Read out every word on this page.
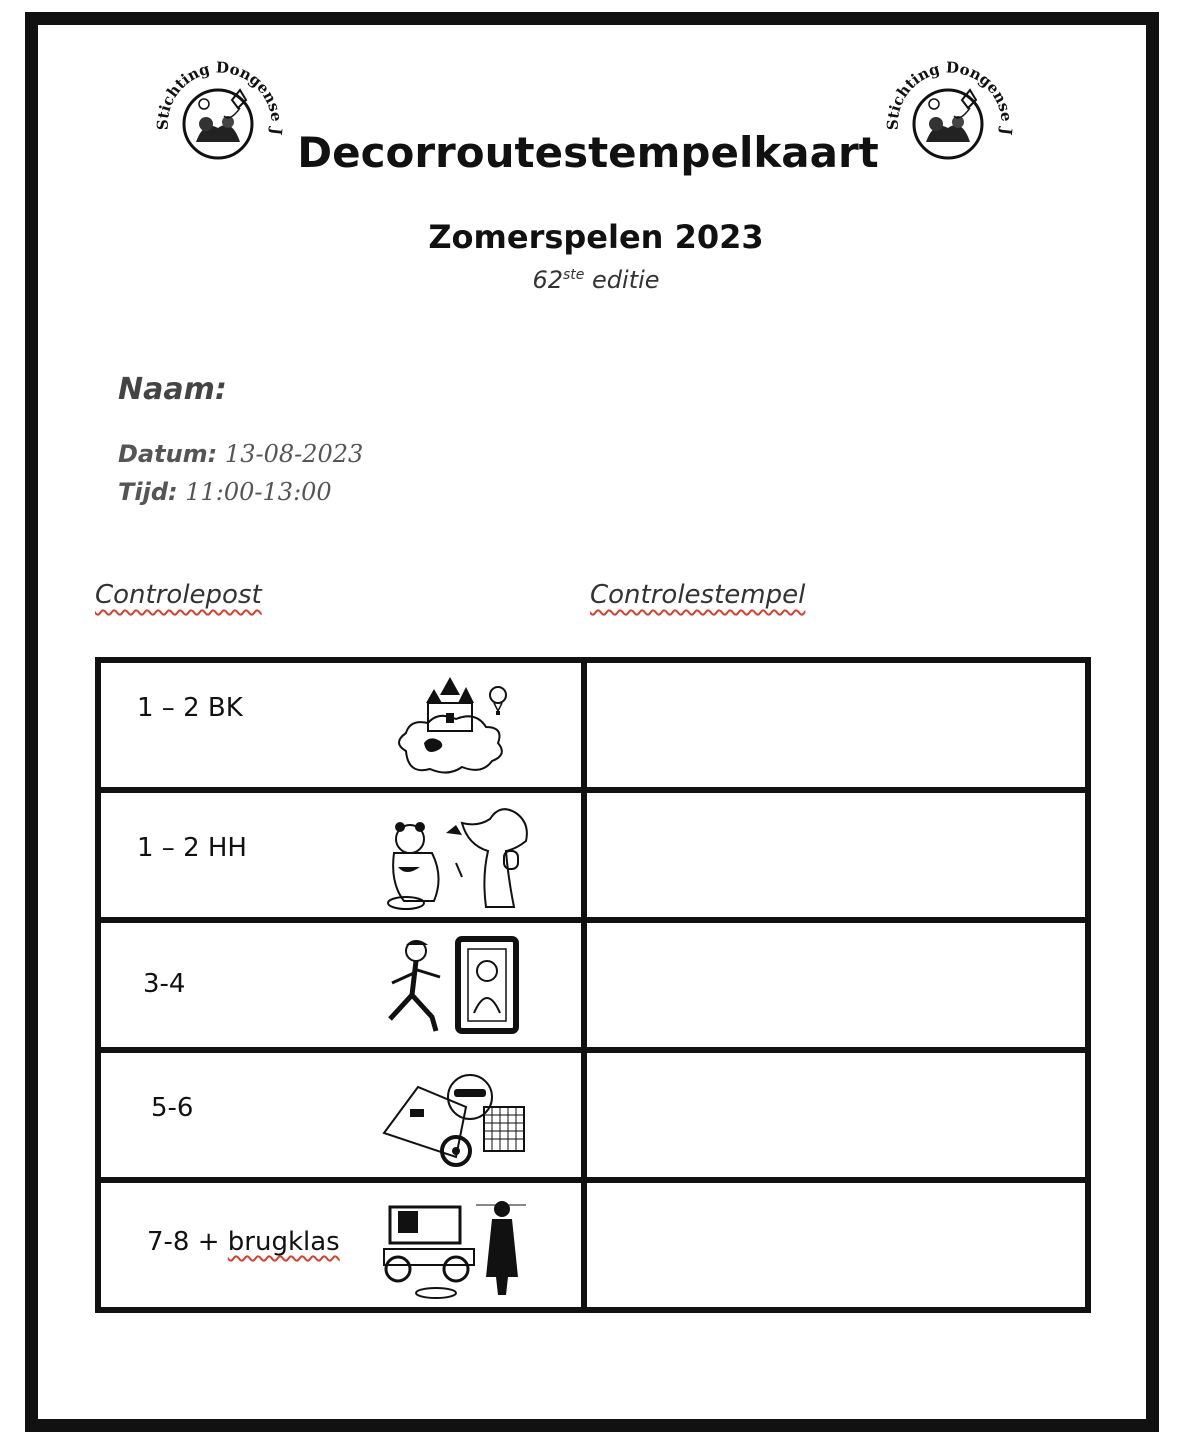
Stichting Dongense J
Stichting Dongense J
Decorroutestempelkaart
Zomerspelen 2023
62ste editie
Naam:
Datum: 13-08-2023
Tijd: 11:00-13:00
Controlepost	Controlestempel
1 – 2 BK	

1 – 2 HH	

3-4	

5-6	

7-8 + brugklas	
